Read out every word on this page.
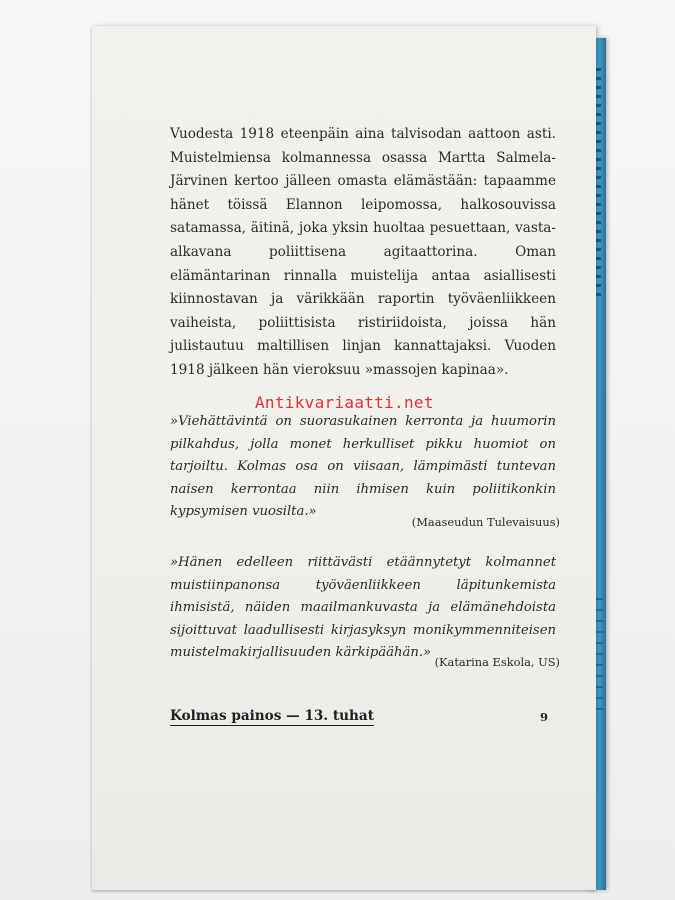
Vuodesta 1918 eteenpäin aina talvisodan aattoon asti. Muistelmiensa kolmannessa osassa Martta Salmela-Järvinen kertoo jälleen omasta elämästään: tapaamme hänet töissä Elannon leipomossa, halkosouvissa satamassa, äitinä, joka yksin huoltaa pesuettaan, vasta-alkavana poliittisena agitaattorina. Oman elämäntarinan rinnalla muistelija antaa asiallisesti kiinnostavan ja värikkään raportin työväenliikkeen vaiheista, poliittisista ristiriidoista, joissa hän julistautuu maltillisen linjan kannattajaksi. Vuoden 1918 jälkeen hän vieroksuu »massojen kapinaa».

Antikvariaatti.net

»Viehättävintä on suorasukainen kerronta ja huumorin pilkahdus, jolla monet herkulliset pikku huomiot on tarjoiltu. Kolmas osa on viisaan, lämpimästi tuntevan naisen kerrontaa niin ihmisen kuin poliitikonkin kypsymisen vuosilta.»

(Maaseudun Tulevaisuus)

»Hänen edelleen riittävästi etäännytetyt kolmannet muistiinpanonsa työväenliikkeen läpitunkemista ihmisistä, näiden maailmankuvasta ja elämänehdoista sijoittuvat laadullisesti kirjasyksyn monikymmenniteisen muistelmakirjallisuuden kärkipäähän.»

(Katarina Eskola, US)

Kolmas painos — 13. tuhat	9
